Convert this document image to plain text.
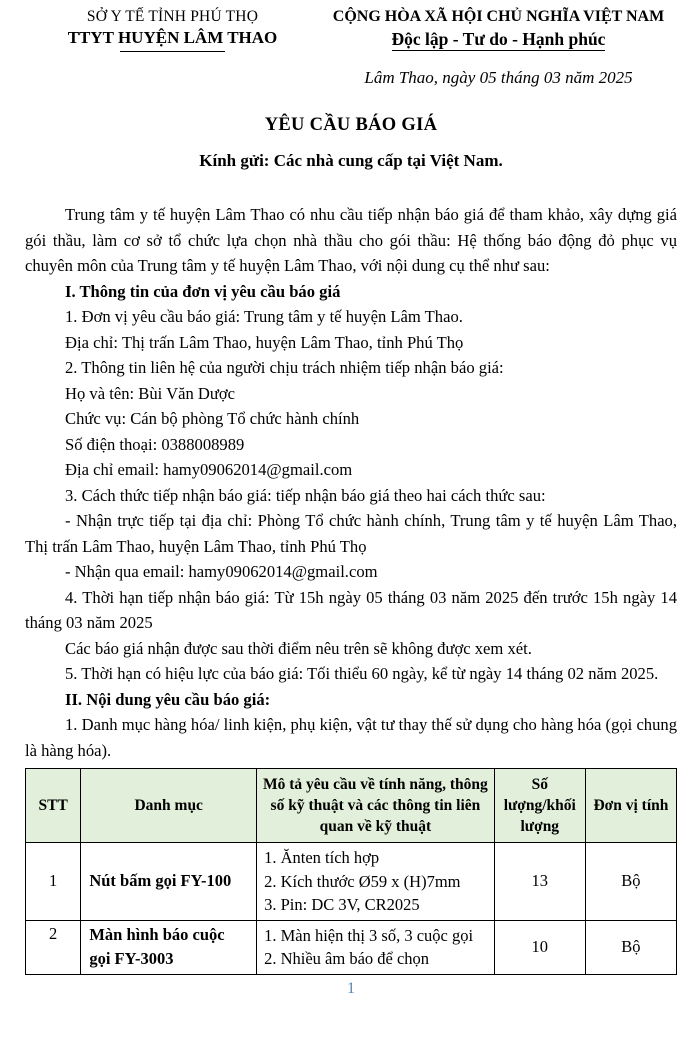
SỞ Y TẾ TỈNH PHÚ THỌ
TTYT HUYỆN LÂM THAO
CỘNG HÒA XÃ HỘI CHỦ NGHĨA VIỆT NAM
Độc lập - Tư do - Hạnh phúc
Lâm Thao, ngày 05 tháng 03 năm 2025
YÊU CẦU BÁO GIÁ
Kính gửi: Các nhà cung cấp tại Việt Nam.

Trung tâm y tế huyện Lâm Thao có nhu cầu tiếp nhận báo giá để tham khảo, xây dựng giá gói thầu, làm cơ sở tổ chức lựa chọn nhà thầu cho gói thầu: Hệ thống báo động đỏ phục vụ chuyên môn của Trung tâm y tế huyện Lâm Thao, với nội dung cụ thể như sau:

I. Thông tin của đơn vị yêu cầu báo giá

1. Đơn vị yêu cầu báo giá: Trung tâm y tế huyện Lâm Thao.

Địa chỉ: Thị trấn Lâm Thao, huyện Lâm Thao, tỉnh Phú Thọ

2. Thông tin liên hệ của người chịu trách nhiệm tiếp nhận báo giá:

Họ và tên: Bùi Văn Dược

Chức vụ: Cán bộ phòng Tổ chức hành chính

Số điện thoại: 0388008989

Địa chỉ email: hamy09062014@gmail.com

3. Cách thức tiếp nhận báo giá: tiếp nhận báo giá theo hai cách thức sau:

- Nhận trực tiếp tại địa chỉ: Phòng Tổ chức hành chính, Trung tâm y tế huyện Lâm Thao, Thị trấn Lâm Thao, huyện Lâm Thao, tỉnh Phú Thọ

- Nhận qua email: hamy09062014@gmail.com

4. Thời hạn tiếp nhận báo giá: Từ 15h ngày 05 tháng 03 năm 2025 đến trước 15h ngày 14 tháng 03 năm 2025

Các báo giá nhận được sau thời điểm nêu trên sẽ không được xem xét.

5. Thời hạn có hiệu lực của báo giá: Tối thiểu 60 ngày, kể từ ngày 14 tháng 02 năm 2025.

II. Nội dung yêu cầu báo giá:

1. Danh mục hàng hóa/ linh kiện, phụ kiện, vật tư thay thế sử dụng cho hàng hóa (gọi chung là hàng hóa).

STT	Danh mục	Mô tả yêu cầu về tính năng, thông số kỹ thuật và các thông tin liên quan về kỹ thuật	Số lượng/khối lượng	Đơn vị tính
1	Nút bấm gọi FY-100	1. Ănten tích hợp
2. Kích thước Ø59 x (H)7mm
3. Pin: DC 3V, CR2025	13	Bộ
2	Màn hình báo cuộc gọi FY-3003	1. Màn hiện thị 3 số, 3 cuộc gọi
2. Nhiều âm báo để chọn	10	Bộ
1
